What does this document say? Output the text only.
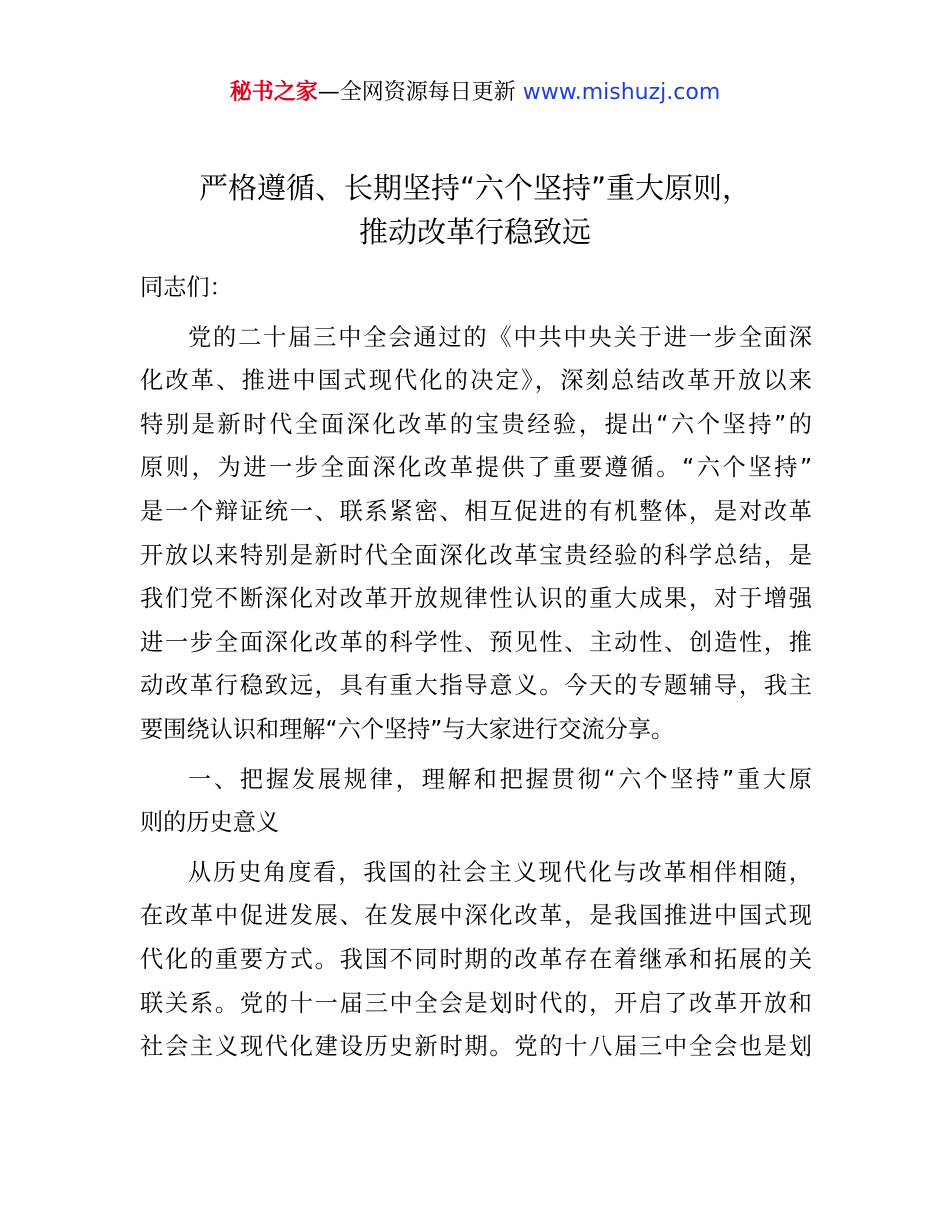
秘书之家—全网资源每日更新 www.mishuzj.com
严格遵循、长期坚持“六个坚持”重大原则，
推动改革行稳致远
同志们：
党的二十届三中全会通过的《中共中央关于进一步全面深
化改革、推进中国式现代化的决定》，深刻总结改革开放以来
特别是新时代全面深化改革的宝贵经验，提出“六个坚持”的
原则，为进一步全面深化改革提供了重要遵循。“六个坚持”
是一个辩证统一、联系紧密、相互促进的有机整体，是对改革
开放以来特别是新时代全面深化改革宝贵经验的科学总结，是
我们党不断深化对改革开放规律性认识的重大成果，对于增强
进一步全面深化改革的科学性、预见性、主动性、创造性，推
动改革行稳致远，具有重大指导意义。今天的专题辅导，我主
要围绕认识和理解“六个坚持”与大家进行交流分享。
一、把握发展规律，理解和把握贯彻“六个坚持”重大原
则的历史意义
从历史角度看，我国的社会主义现代化与改革相伴相随，
在改革中促进发展、在发展中深化改革，是我国推进中国式现
代化的重要方式。我国不同时期的改革存在着继承和拓展的关
联关系。党的十一届三中全会是划时代的，开启了改革开放和
社会主义现代化建设历史新时期。党的十八届三中全会也是划
